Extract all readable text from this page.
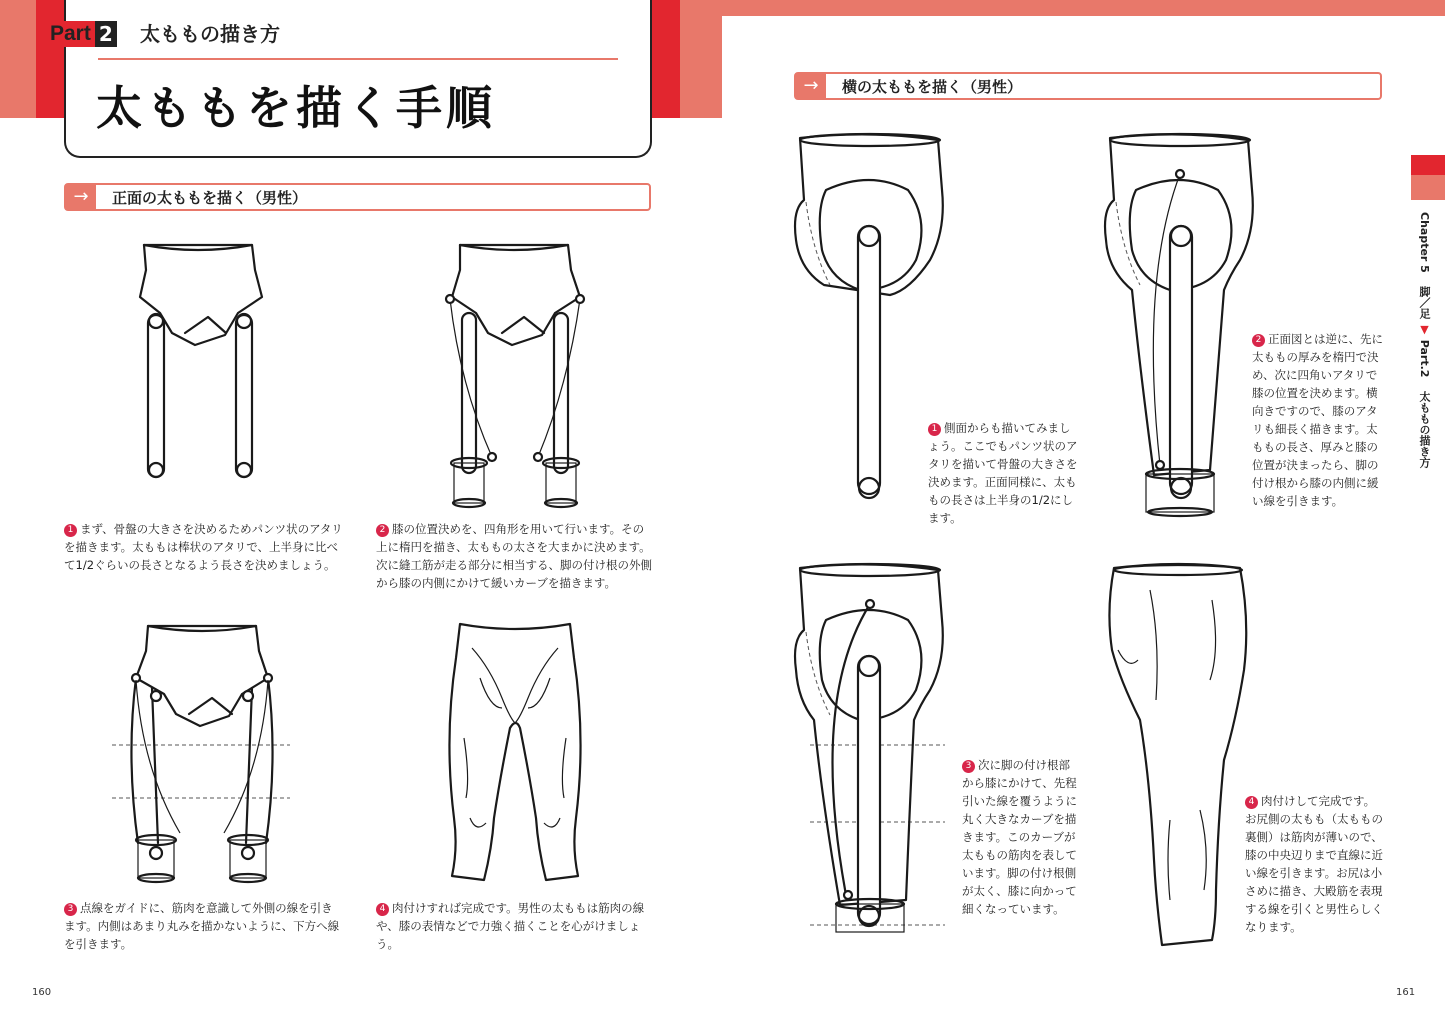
Part 2 太ももの描き方
太ももを描く手順
→	正面の太ももを描く（男性）
→	横の太ももを描く（男性）
Chapter 5   脚／足 ▼ Part.2   太ももの描き方
1 まず、骨盤の大きさを決めるためパンツ状のアタリを描きます。太ももは棒状のアタリで、上半身に比べて1/2ぐらいの長さとなるよう長さを決めましょう。
2 膝の位置決めを、四角形を用いて行います。その上に楕円を描き、太ももの太さを大まかに決めます。次に縫工筋が走る部分に相当する、脚の付け根の外側から膝の内側にかけて緩いカーブを描きます。
3 点線をガイドに、筋肉を意識して外側の線を引きます。内側はあまり丸みを描かないように、下方へ線を引きます。
4 肉付けすれば完成です。男性の太ももは筋肉の線や、膝の表情などで力強く描くことを心がけましょう。
1 側面からも描いてみましょう。ここでもパンツ状のアタリを描いて骨盤の大きさを決めます。正面同様に、太ももの長さは上半身の1/2にします。
2 正面図とは逆に、先に太ももの厚みを楕円で決め、次に四角いアタリで膝の位置を決めます。横向きですので、膝のアタリも細長く描きます。太ももの長さ、厚みと膝の位置が決まったら、脚の付け根から膝の内側に緩い線を引きます。
3 次に脚の付け根部から膝にかけて、先程引いた線を覆うように丸く大きなカーブを描きます。このカーブが太ももの筋肉を表しています。脚の付け根側が太く、膝に向かって細くなっています。
4 肉付けして完成です。お尻側の太もも（太ももの裏側）は筋肉が薄いので、膝の中央辺りまで直線に近い線を引きます。お尻は小さめに描き、大殿筋を表現する線を引くと男性らしくなります。
160	161
